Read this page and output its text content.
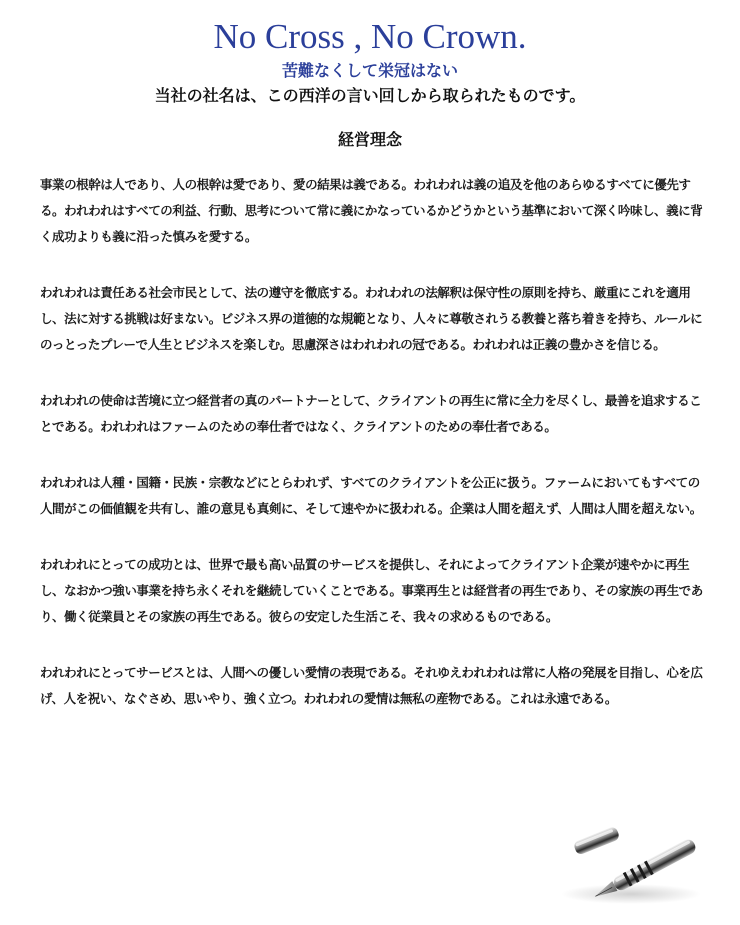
No Cross , No Crown.

苦難なくして栄冠はない

当社の社名は、この西洋の言い回しから取られたものです。

経営理念

事業の根幹は人であり、人の根幹は愛であり、愛の結果は義である。われわれは義の追及を他のあらゆるすべてに優先する。われわれはすべての利益、行動、思考について常に義にかなっているかどうかという基準において深く吟味し、義に背く成功よりも義に沿った慎みを愛する。

われわれは責任ある社会市民として、法の遵守を徹底する。われわれの法解釈は保守性の原則を持ち、厳重にこれを適用し、法に対する挑戦は好まない。ビジネス界の道徳的な規範となり、人々に尊敬されうる教養と落ち着きを持ち、ルールにのっとったプレーで人生とビジネスを楽しむ。思慮深さはわれわれの冠である。われわれは正義の豊かさを信じる。

われわれの使命は苦境に立つ経営者の真のパートナーとして、クライアントの再生に常に全力を尽くし、最善を追求することである。われわれはファームのための奉仕者ではなく、クライアントのための奉仕者である。

われわれは人種・国籍・民族・宗教などにとらわれず、すべてのクライアントを公正に扱う。ファームにおいてもすべての人間がこの価値観を共有し、誰の意見も真剣に、そして速やかに扱われる。企業は人間を超えず、人間は人間を超えない。

われわれにとっての成功とは、世界で最も高い品質のサービスを提供し、それによってクライアント企業が速やかに再生し、なおかつ強い事業を持ち永くそれを継続していくことである。事業再生とは経営者の再生であり、その家族の再生であり、働く従業員とその家族の再生である。彼らの安定した生活こそ、我々の求めるものである。

われわれにとってサービスとは、人間への優しい愛情の表現である。それゆえわれわれは常に人格の発展を目指し、心を広げ、人を祝い、なぐさめ、思いやり、強く立つ。われわれの愛情は無私の産物である。これは永遠である。
